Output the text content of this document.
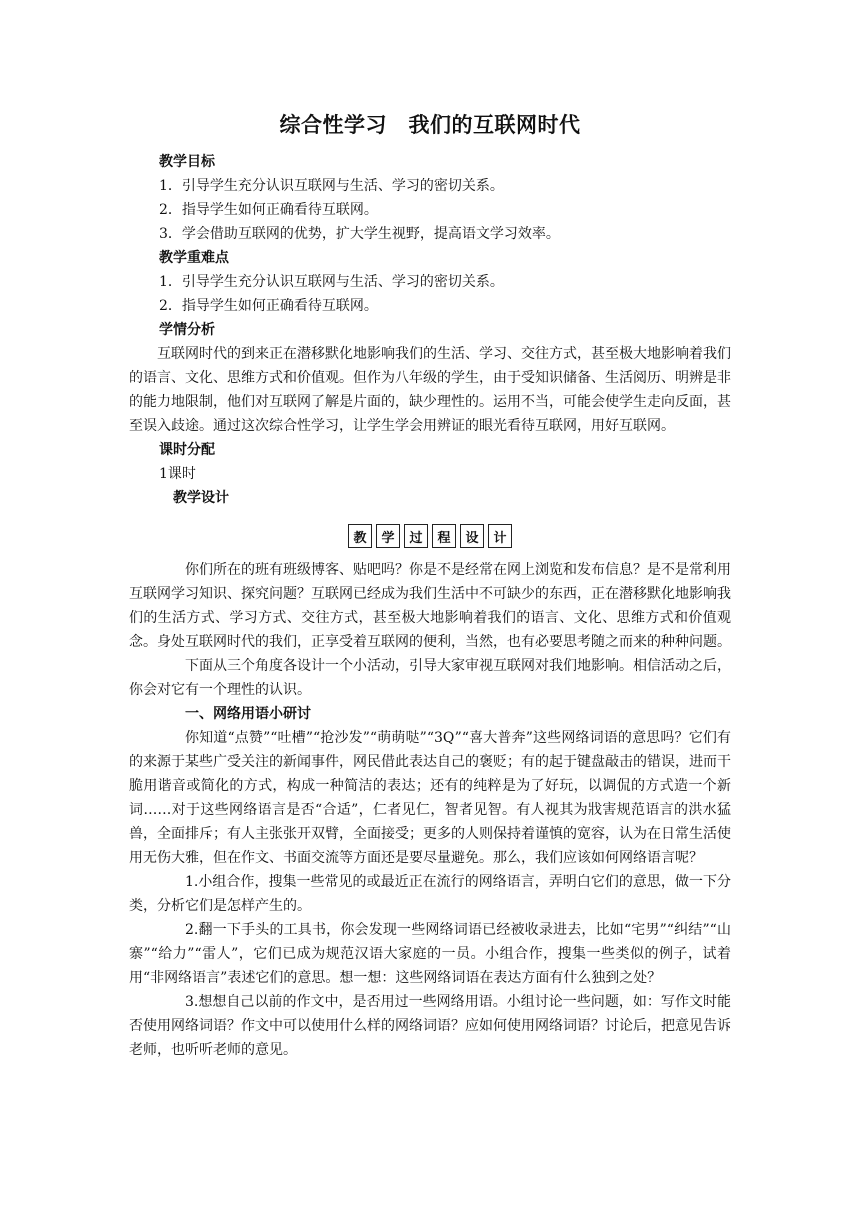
综合性学习　我们的互联网时代

教学目标

1．引导学生充分认识互联网与生活、学习的密切关系。

2．指导学生如何正确看待互联网。

3．学会借助互联网的优势，扩大学生视野，提高语文学习效率。

教学重难点

1．引导学生充分认识互联网与生活、学习的密切关系。

2．指导学生如何正确看待互联网。

学情分析

互联网时代的到来正在潜移默化地影响我们的生活、学习、交往方式，甚至极大地影响着我们的语言、文化、思维方式和价值观。但作为八年级的学生，由于受知识储备、生活阅历、明辨是非的能力地限制，他们对互联网了解是片面的，缺少理性的。运用不当，可能会使学生走向反面，甚至误入歧途。通过这次综合性学习，让学生学会用辨证的眼光看待互联网，用好互联网。

课时分配

1课时

教学设计

教	学	过	程	设	计

你们所在的班有班级博客、贴吧吗？你是不是经常在网上浏览和发布信息？是不是常利用互联网学习知识、探究问题？互联网已经成为我们生活中不可缺少的东西，正在潜移默化地影响我们的生活方式、学习方式、交往方式，甚至极大地影响着我们的语言、文化、思维方式和价值观念。身处互联网时代的我们，正享受着互联网的便利，当然，也有必要思考随之而来的种种问题。

下面从三个角度各设计一个小活动，引导大家审视互联网对我们地影响。相信活动之后，你会对它有一个理性的认识。

一、网络用语小研讨

你知道“点赞”“吐槽”“抢沙发”“萌萌哒”“3Q”“喜大普奔”这些网络词语的意思吗？它们有的来源于某些广受关注的新闻事件，网民借此表达自己的褒贬；有的起于键盘敲击的错误，进而干脆用谐音或简化的方式，构成一种简洁的表达；还有的纯粹是为了好玩，以调侃的方式造一个新词……对于这些网络语言是否“合适”，仁者见仁，智者见智。有人视其为戕害规范语言的洪水猛兽，全面排斥；有人主张张开双臂，全面接受；更多的人则保持着谨慎的宽容，认为在日常生活使用无伤大雅，但在作文、书面交流等方面还是要尽量避免。那么，我们应该如何网络语言呢？

1.小组合作，搜集一些常见的或最近正在流行的网络语言，弄明白它们的意思，做一下分类，分析它们是怎样产生的。

2.翻一下手头的工具书，你会发现一些网络词语已经被收录进去，比如“宅男”“纠结”“山寨”“给力”“雷人”，它们已成为规范汉语大家庭的一员。小组合作，搜集一些类似的例子，试着用“非网络语言”表述它们的意思。想一想：这些网络词语在表达方面有什么独到之处？

3.想想自己以前的作文中，是否用过一些网络用语。小组讨论一些问题，如：写作文时能否使用网络词语？作文中可以使用什么样的网络词语？应如何使用网络词语？讨论后，把意见告诉老师，也听听老师的意见。
